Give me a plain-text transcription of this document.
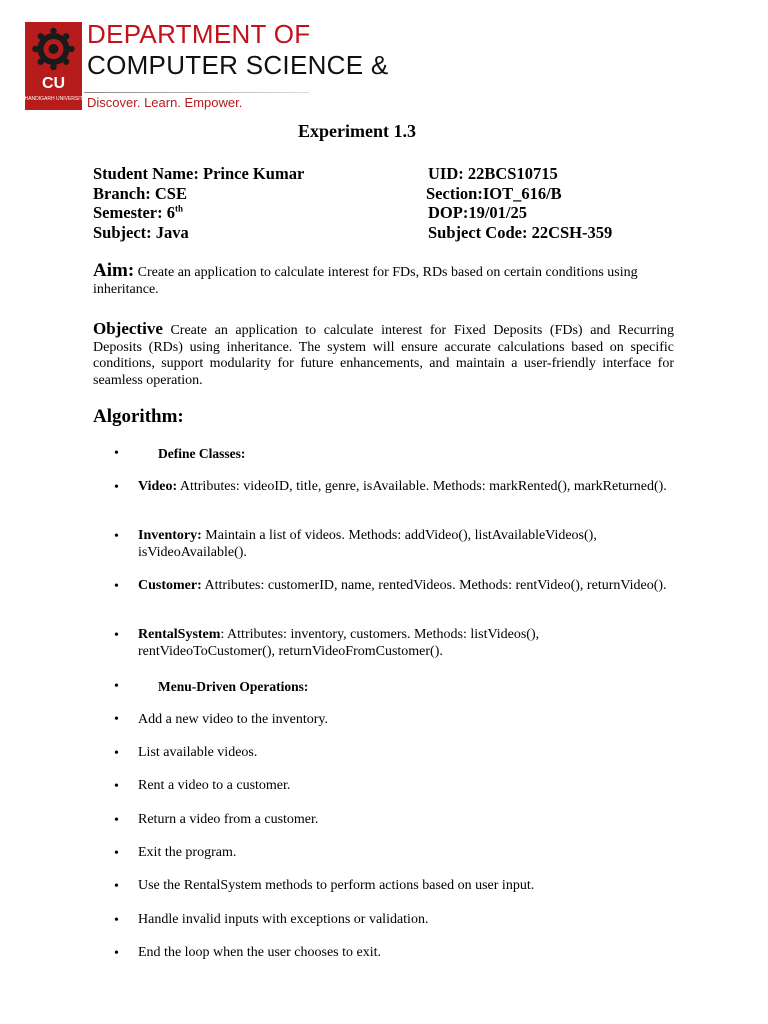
CU
CHANDIGARH UNIVERSITY
DEPARTMENT OF
COMPUTER SCIENCE &
Discover. Learn. Empower.
Experiment 1.3
Student Name: Prince Kumar	UID: 22BCS10715
Branch: CSE	Section:IOT_616/B
Semester: 6th	DOP:19/01/25
Subject: Java	Subject Code: 22CSH-359
Aim: Create an application to calculate interest for FDs, RDs based on certain conditions using inheritance.
Objective Create an application to calculate interest for Fixed Deposits (FDs) and Recurring Deposits (RDs) using inheritance. The system will ensure accurate calculations based on specific conditions, support modularity for future enhancements, and maintain a user-friendly interface for seamless operation.
Algorithm:
•	Define Classes:
• Video: Attributes: videoID, title, genre, isAvailable. Methods: markRented(), markReturned().
• Inventory: Maintain a list of videos. Methods: addVideo(), listAvailableVideos(), isVideoAvailable().
• Customer: Attributes: customerID, name, rentedVideos. Methods: rentVideo(), returnVideo().
• RentalSystem: Attributes: inventory, customers. Methods: listVideos(), rentVideoToCustomer(), returnVideoFromCustomer().
•	Menu-Driven Operations:
• Add a new video to the inventory.
• List available videos.
• Rent a video to a customer.
• Return a video from a customer.
• Exit the program.
• Use the RentalSystem methods to perform actions based on user input.
• Handle invalid inputs with exceptions or validation.
• End the loop when the user chooses to exit.
